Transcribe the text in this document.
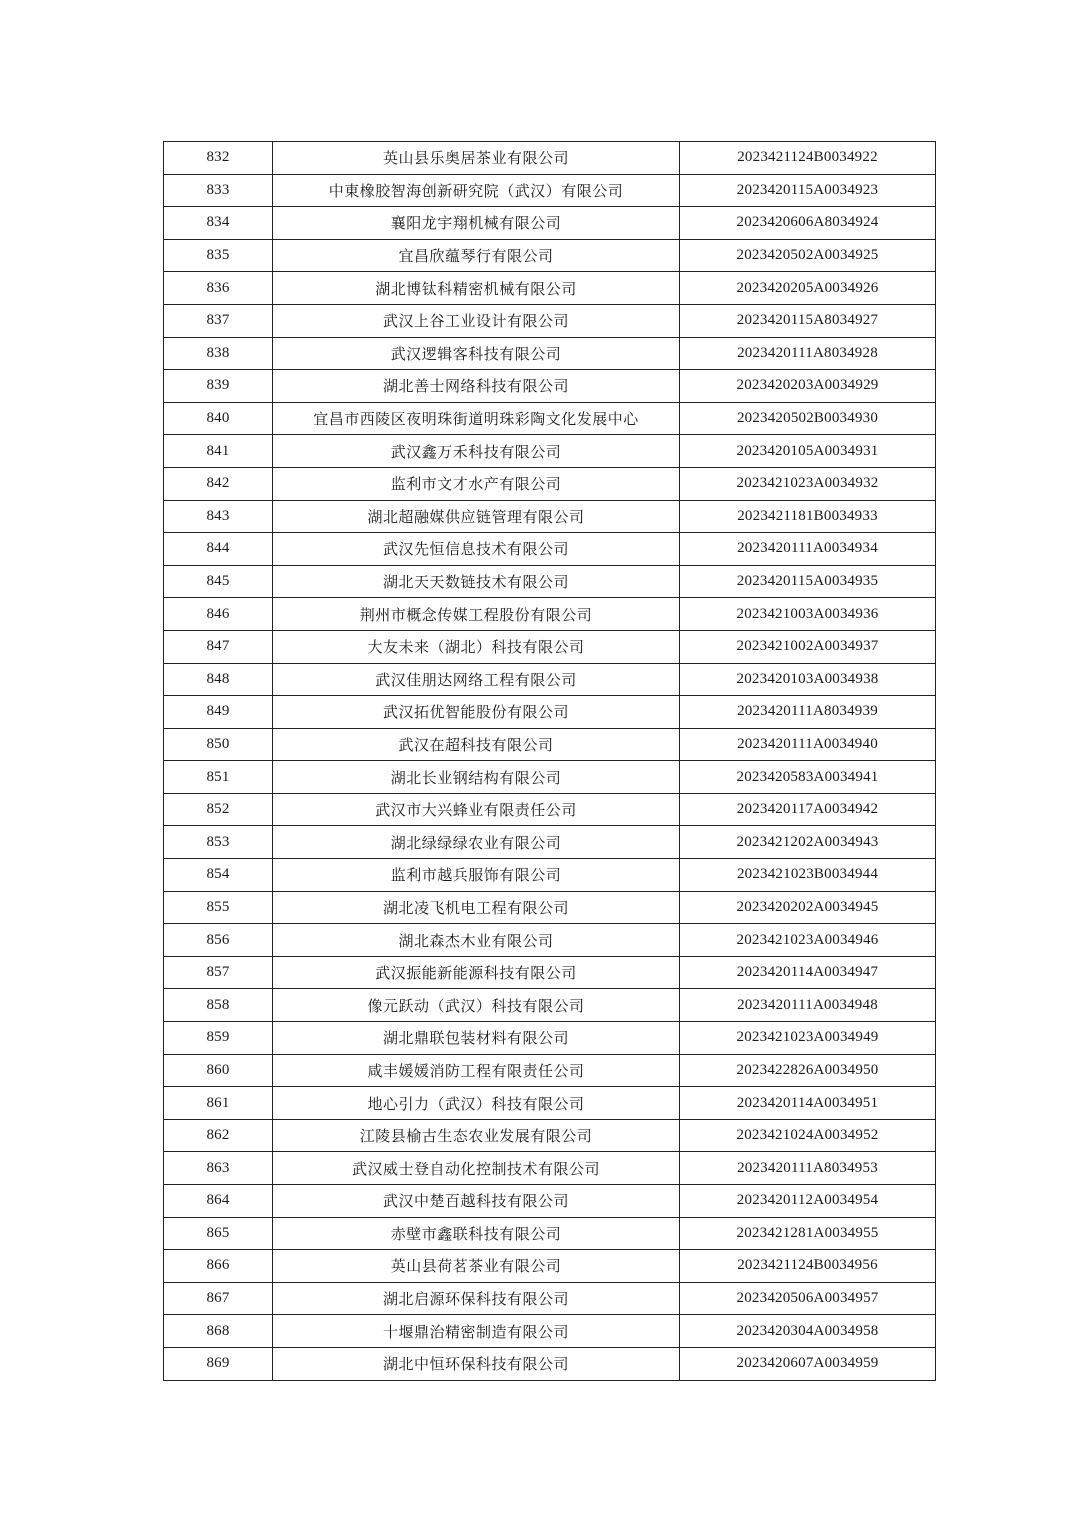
832	英山县乐奥居茶业有限公司	2023421124B0034922
833	中東橡胶智海创新研究院（武汉）有限公司	2023420115A0034923
834	襄阳龙宇翔机械有限公司	2023420606A8034924
835	宜昌欣蕴琴行有限公司	2023420502A0034925
836	湖北博钛科精密机械有限公司	2023420205A0034926
837	武汉上谷工业设计有限公司	2023420115A8034927
838	武汉逻辑客科技有限公司	2023420111A8034928
839	湖北善士网络科技有限公司	2023420203A0034929
840	宜昌市西陵区夜明珠街道明珠彩陶文化发展中心	2023420502B0034930
841	武汉鑫万禾科技有限公司	2023420105A0034931
842	监利市文才水产有限公司	2023421023A0034932
843	湖北超融媒供应链管理有限公司	2023421181B0034933
844	武汉先恒信息技术有限公司	2023420111A0034934
845	湖北天天数链技术有限公司	2023420115A0034935
846	荆州市概念传媒工程股份有限公司	2023421003A0034936
847	大友未来（湖北）科技有限公司	2023421002A0034937
848	武汉佳朋达网络工程有限公司	2023420103A0034938
849	武汉拓优智能股份有限公司	2023420111A8034939
850	武汉在超科技有限公司	2023420111A0034940
851	湖北长业钢结构有限公司	2023420583A0034941
852	武汉市大兴蜂业有限责任公司	2023420117A0034942
853	湖北绿绿绿农业有限公司	2023421202A0034943
854	监利市越兵服饰有限公司	2023421023B0034944
855	湖北凌飞机电工程有限公司	2023420202A0034945
856	湖北森杰木业有限公司	2023421023A0034946
857	武汉振能新能源科技有限公司	2023420114A0034947
858	像元跃动（武汉）科技有限公司	2023420111A0034948
859	湖北鼎联包装材料有限公司	2023421023A0034949
860	咸丰媛媛消防工程有限责任公司	2023422826A0034950
861	地心引力（武汉）科技有限公司	2023420114A0034951
862	江陵县榆古生态农业发展有限公司	2023421024A0034952
863	武汉威士登自动化控制技术有限公司	2023420111A8034953
864	武汉中楚百越科技有限公司	2023420112A0034954
865	赤壁市鑫联科技有限公司	2023421281A0034955
866	英山县荷茗茶业有限公司	2023421124B0034956
867	湖北启源环保科技有限公司	2023420506A0034957
868	十堰鼎治精密制造有限公司	2023420304A0034958
869	湖北中恒环保科技有限公司	2023420607A0034959
